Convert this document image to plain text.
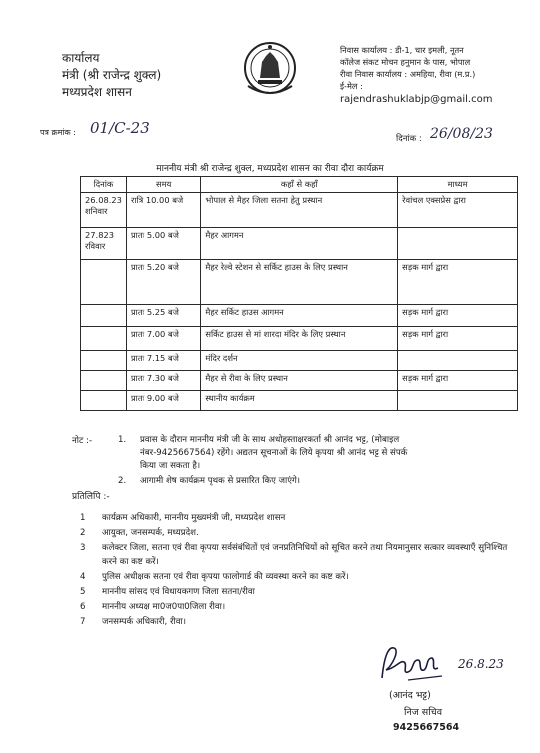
कार्यालय
मंत्री (श्री राजेन्द्र शुक्ल)
मध्यप्रदेश शासन
निवास कार्यालय : डी-1, चार इमली, नूतन
कॉलेज संकट मोचन हनुमान के पास, भोपाल
रीवा निवास कार्यालय : अमहिया, रीवा (म.प्र.)
ई-मेल :
rajendrashuklabjp@gmail.com
पत्र क्रमांक : 01/C-23
दिनांक : 26/08/23
माननीय मंत्री श्री राजेन्द्र शुक्ल, मध्यप्रदेश शासन का रीवा दौरा कार्यक्रम
दिनांक	समय	कहाँ से कहाँ	माध्यम
26.08.23 शनिवार	रात्रि 10.00 बजे	भोपाल से मैहर जिला सतना हेतु प्रस्थान	रेवांचल एक्सप्रेस द्वारा
27.823 रविवार	प्रातः 5.00 बजे	मैहर आगमन	
	प्रातः 5.20 बजे	मैहर रेल्वे स्टेशन से सर्किट हाउस के लिए प्रस्थान	सड़क मार्ग द्वारा
	प्रातः 5.25 बजे	मैहर सर्किट हाउस आगमन	सड़क मार्ग द्वारा
	प्रातः 7.00 बजे	सर्किट हाउस से मां शारदा मंदिर के लिए प्रस्थान	सड़क मार्ग द्वारा
	प्रातः 7.15 बजे	मंदिर दर्शन	
	प्रातः 7.30 बजे	मैहर से रीवा के लिए प्रस्थान	सड़क मार्ग द्वारा
	प्रातः 9.00 बजे	स्थानीय कार्यक्रम	
नोट :-	1. प्रवास के दौरान माननीय मंत्री जी के साथ अधोहस्ताक्षरकर्ता श्री आनंद भट्ट, (मोबाइल
नंबर-9425667564) रहेंगे। अद्यतन सूचनाओं के लिये कृपया श्री आनंद भट्ट से संपर्क
किया जा सकता है।
2. आगामी शेष कार्यक्रम पृथक से प्रसारित किए जाएंगे।
प्रतिलिपि :-
1	कार्यक्रम अधिकारी, माननीय मुख्यमंत्री जी, मध्यप्रदेश शासन
2	आयुक्त, जनसम्पर्क, मध्यप्रदेश.
3	कलेक्टर जिला, सतना एवं रीवा कृपया सर्वसंबंधितों एवं जनप्रतिनिधियों को सूचित करने तथा नियमानुसार सत्कार व्यवस्थाएँ सुनिश्चित करने का कष्ट करें।
4	पुलिस अधीक्षक सतना एवं रीवा कृपया फालोगार्ड की व्यवस्था करने का कष्ट करें।
5	माननीय सांसद एवं विधायकगण जिला सतना/रीवा
6	माननीय अध्यक्ष मा0ज0पा0जिला रीवा।
7	जनसम्पर्क अधिकारी, रीवा।
26.8.23
(आनंद भट्ट)
निज सचिव
9425667564
